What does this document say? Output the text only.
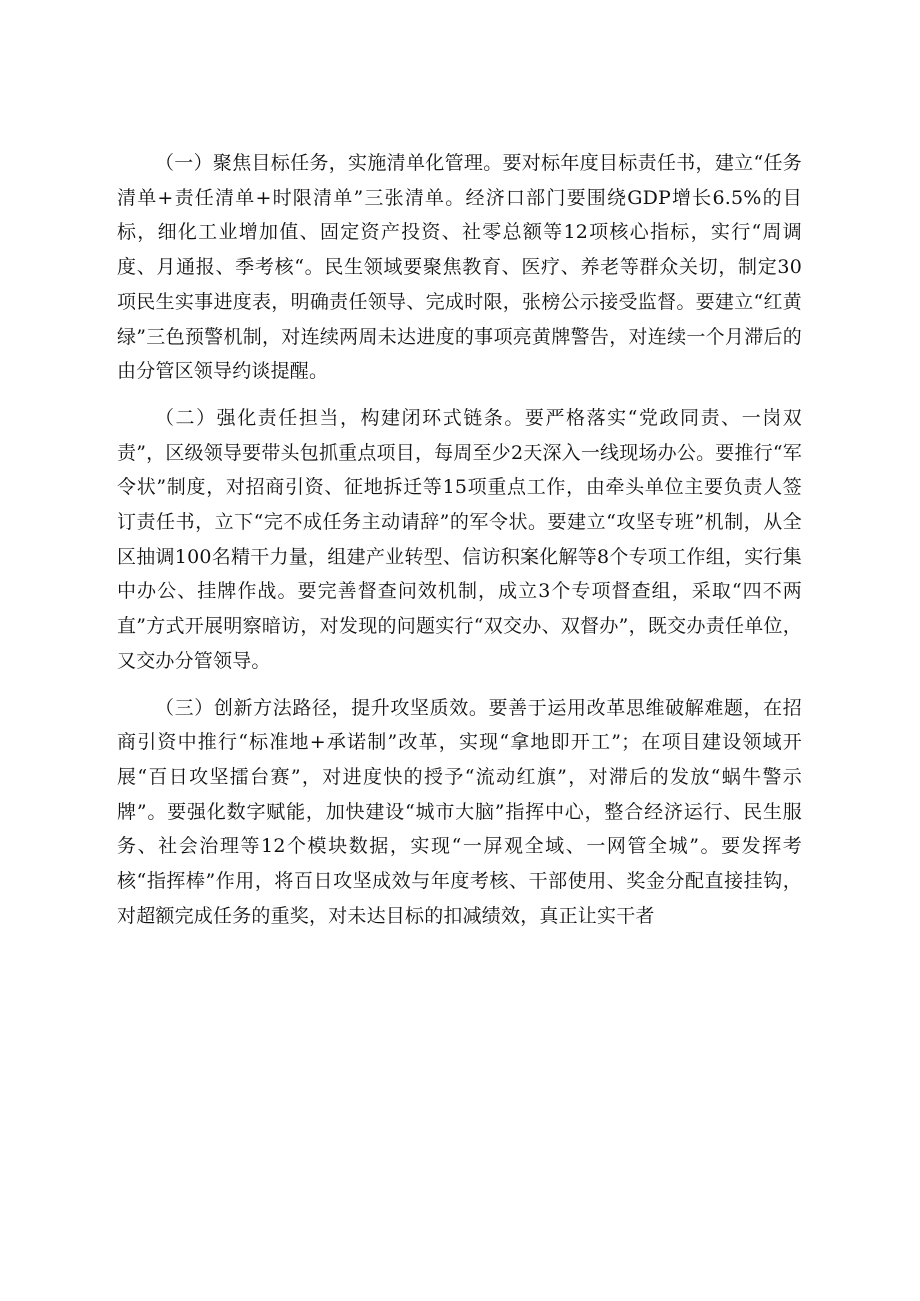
（一）聚焦目标任务，实施清单化管理。要对标年度目标责任书，建立“任务清单+责任清单+时限清单”三张清单。经济口部门要围绕GDP增长6.5%的目标，细化工业增加值、固定资产投资、社零总额等12项核心指标，实行“周调度、月通报、季考核“。民生领域要聚焦教育、医疗、养老等群众关切，制定30项民生实事进度表，明确责任领导、完成时限，张榜公示接受监督。要建立“红黄绿”三色预警机制，对连续两周未达进度的事项亮黄牌警告，对连续一个月滞后的由分管区领导约谈提醒。

（二）强化责任担当，构建闭环式链条。要严格落实“党政同责、一岗双责”，区级领导要带头包抓重点项目，每周至少2天深入一线现场办公。要推行“军令状”制度，对招商引资、征地拆迁等15项重点工作，由牵头单位主要负责人签订责任书，立下“完不成任务主动请辞”的军令状。要建立“攻坚专班”机制，从全区抽调100名精干力量，组建产业转型、信访积案化解等8个专项工作组，实行集中办公、挂牌作战。要完善督查问效机制，成立3个专项督查组，采取“四不两直”方式开展明察暗访，对发现的问题实行“双交办、双督办”，既交办责任单位，又交办分管领导。

（三）创新方法路径，提升攻坚质效。要善于运用改革思维破解难题，在招商引资中推行“标准地+承诺制”改革，实现“拿地即开工”；在项目建设领域开展“百日攻坚擂台赛”，对进度快的授予“流动红旗”，对滞后的发放“蜗牛警示牌”。要强化数字赋能，加快建设“城市大脑”指挥中心，整合经济运行、民生服务、社会治理等12个模块数据，实现“一屏观全域、一网管全城”。要发挥考核“指挥棒”作用，将百日攻坚成效与年度考核、干部使用、奖金分配直接挂钩，对超额完成任务的重奖，对未达目标的扣减绩效，真正让实干者
